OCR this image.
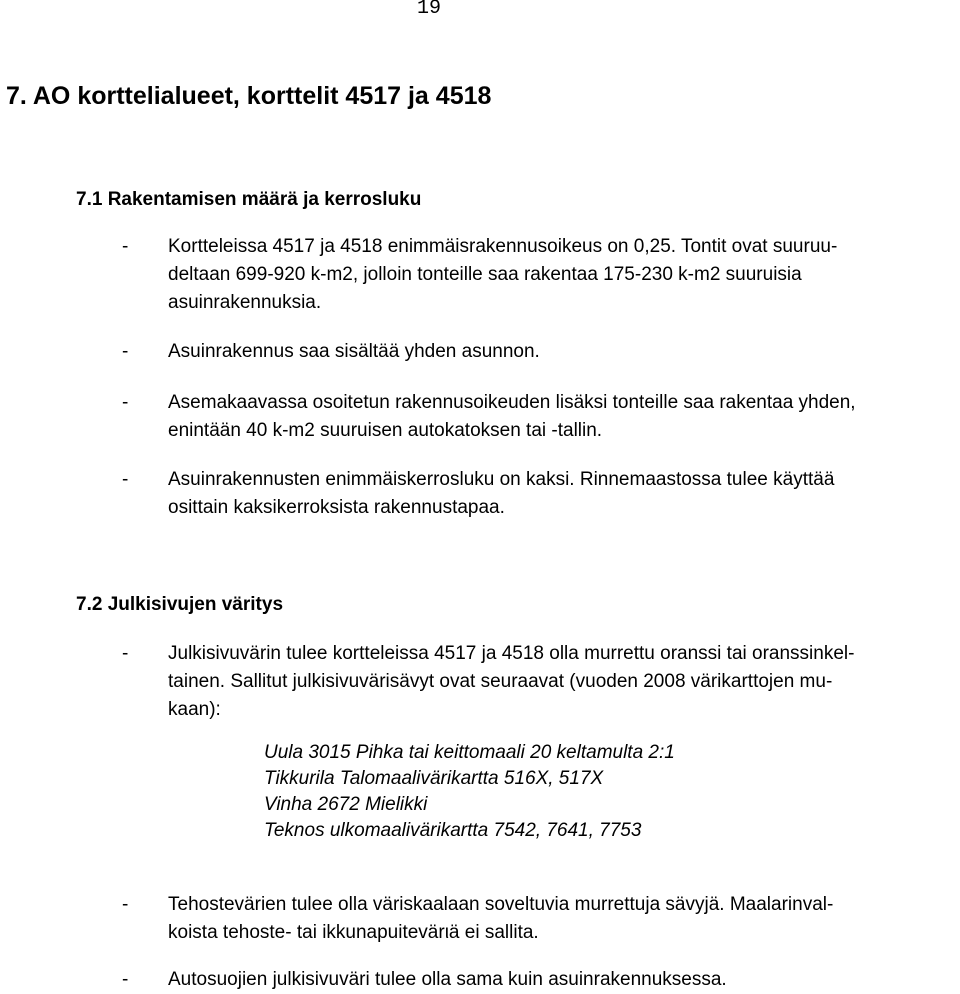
19
7. AO korttelialueet, korttelit 4517 ja 4518
7.1 Rakentamisen määrä ja kerrosluku
- Kortteleissa 4517 ja 4518 enimmäisrakennusoikeus on 0,25. Tontit ovat suuruu-
deltaan 699-920 k-m2, jolloin tonteille saa rakentaa 175-230 k-m2 suuruisia
asuinrakennuksia.
- Asuinrakennus saa sisältää yhden asunnon.
- Asemakaavassa osoitetun rakennusoikeuden lisäksi tonteille saa rakentaa yhden,
enintään 40 k-m2 suuruisen autokatoksen tai -tallin.
- Asuinrakennusten enimmäiskerrosluku on kaksi. Rinnemaastossa tulee käyttää
osittain kaksikerroksista rakennustapaa.
7.2 Julkisivujen väritys
- Julkisivuvärin tulee kortteleissa 4517 ja 4518 olla murrettu oranssi tai oranssinkel-
tainen. Sallitut julkisivuvärisävyt ovat seuraavat (vuoden 2008 värikarttojen mu-
kaan):
Uula 3015 Pihka tai keittomaali 20 keltamulta 2:1
Tikkurila Talomaalivärikartta 516X, 517X
Vinha 2672 Mielikki
Teknos ulkomaalivärikartta 7542, 7641, 7753
- Tehostevärien tulee olla väriskaalaan soveltuvia murrettuja sävyjä. Maalarinval-
koista tehoste- tai ikkunapuitevärιä ei sallita.
- Autosuojien julkisivuväri tulee olla sama kuin asuinrakennuksessa.
